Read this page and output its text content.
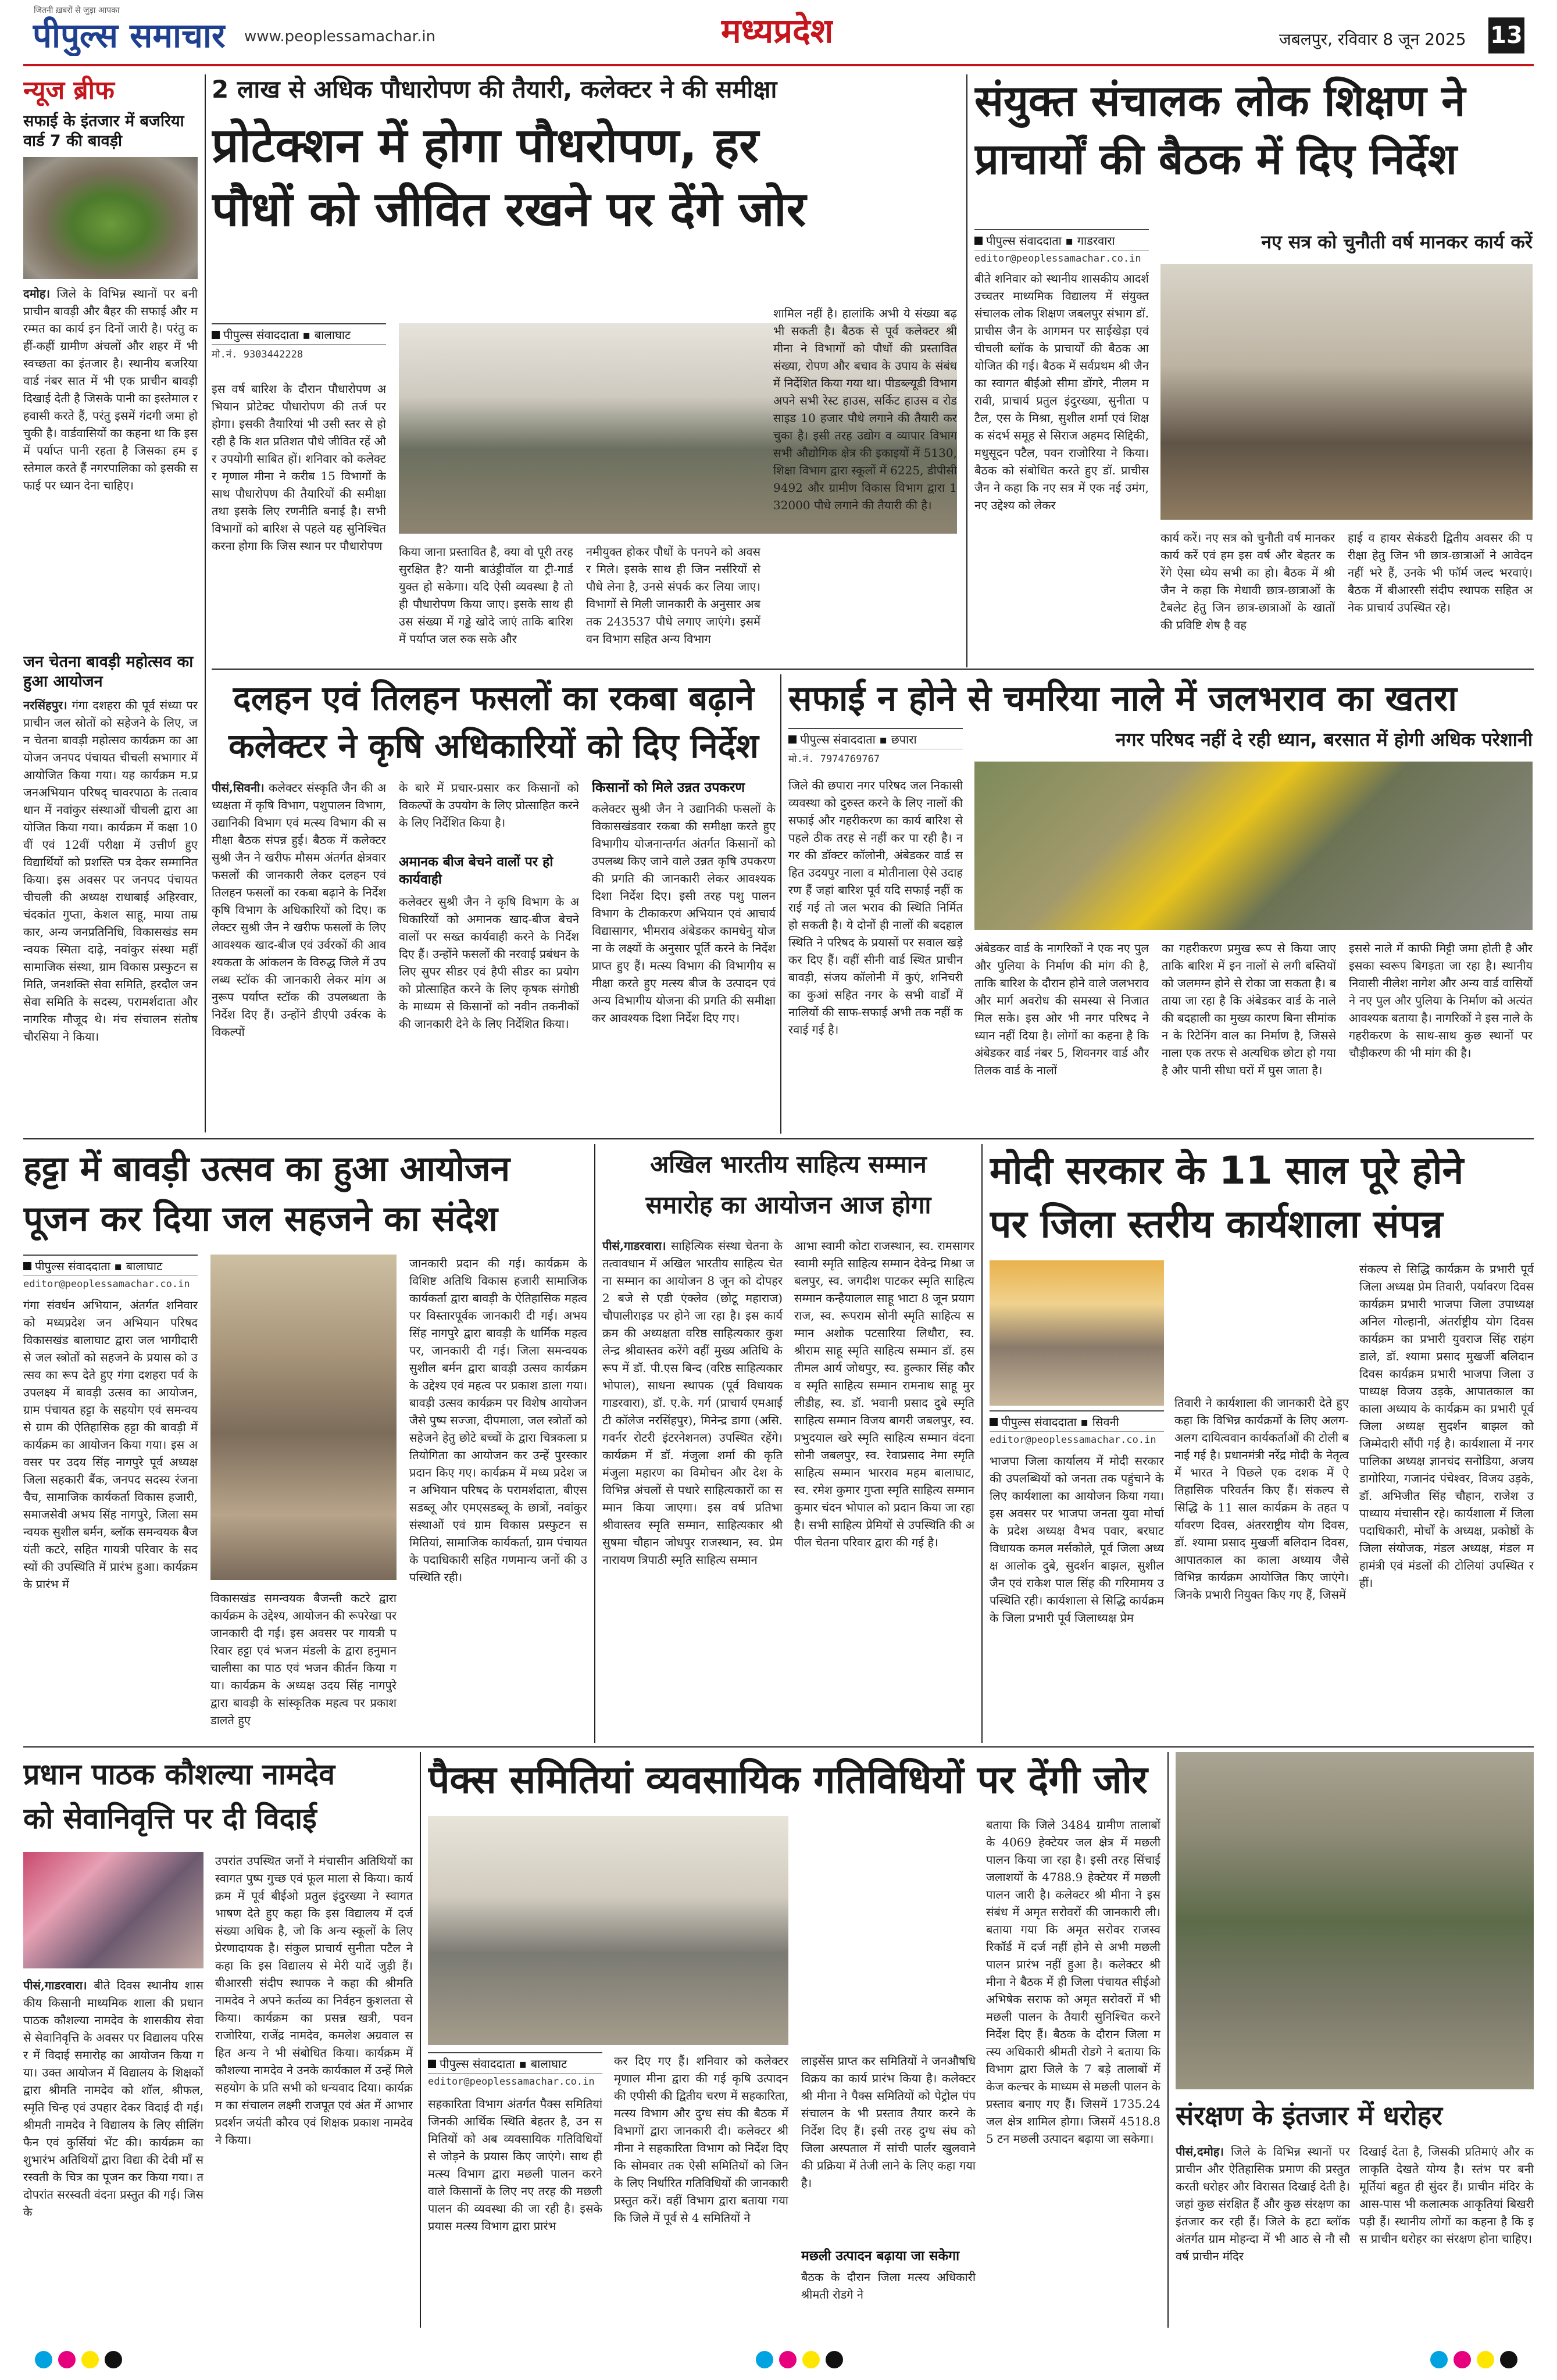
जितनी ख़बरों से जुड़ा आपका
पीपुल्स समाचार www.peoplessamachar.in	मध्यप्रदेश	जबलपुर, रविवार 8 जून 2025 13
न्यूज ब्रीफ
सफाई के इंतजार में बजरिया वार्ड 7 की बावड़ी
दमोह। जिले के विभिन्न स्थानों पर बनी प्राचीन बावड़ी और बैहर की सफाई और मरम्मत का कार्य इन दिनों जारी है। परंतु कहीं-कहीं ग्रामीण अंचलों और शहर में भी स्वच्छता का इंतजार है। स्थानीय बजरिया वार्ड नंबर सात में भी एक प्राचीन बावड़ी दिखाई देती है जिसके पानी का इस्तेमाल रहवासी करते हैं, परंतु इसमें गंदगी जमा हो चुकी है। वार्डवासियों का कहना था कि इसमें पर्याप्त पानी रहता है जिसका हम इस्तेमाल करते हैं नगरपालिका को इसकी सफाई पर ध्यान देना चाहिए।
जन चेतना बावड़ी महोत्सव का हुआ आयोजन
नरसिंहपुर। गंगा दशहरा की पूर्व संध्या पर प्राचीन जल स्रोतों को सहेजने के लिए, जन चेतना बावड़ी महोत्सव कार्यक्रम का आयोजन जनपद पंचायत चीचली सभागार में आयोजित किया गया। यह कार्यक्रम म.प्र जनअभियान परिषद् चावरपाठा के तत्वावधान में नवांकुर संस्थाओं चीचली द्वारा आयोजित किया गया। कार्यक्रम में कक्षा 10वीं एवं 12वीं परीक्षा में उत्तीर्ण हुए विद्यार्थियों को प्रशस्ति पत्र देकर सम्मानित किया। इस अवसर पर जनपद पंचायत चीचली की अध्यक्ष राधाबाई अहिरवार, चंदकांत गुप्ता, केशल साहू, माया ताम्रकार, अन्य जनप्रतिनिधि, विकासखंड समन्वयक स्मिता दाढ़े, नवांकुर संस्था महीं सामाजिक संस्था, ग्राम विकास प्रस्फुटन समिति, जनशक्ति सेवा समिति, हरदौल जन सेवा समिति के सदस्य, परामर्शदाता और नागरिक मौजूद थे। मंच संचालन संतोष चौरसिया ने किया।
2 लाख से अधिक पौधारोपण की तैयारी, कलेक्टर ने की समीक्षा
प्रोटेक्शन में होगा पौधरोपण, हर
पौधों को जीवित रखने पर देंगे जोर
पीपुल्स संवाददाता ▪ बालाघाट
मो.नं. 9303442228
इस वर्ष बारिश के दौरान पौधारोपण अभियान प्रोटेक्ट पौधारोपण की तर्ज पर होगा। इसकी तैयारियां भी उसी स्तर से हो रही है कि शत प्रतिशत पौधे जीवित रहें और उपयोगी साबित हों। शनिवार को कलेक्टर मृणाल मीना ने करीब 15 विभागों के साथ पौधारोपण की तैयारियों की समीक्षा तथा इसके लिए रणनीति बनाई है। सभी विभागों को बारिश से पहले यह सुनिश्चित करना होगा कि जिस स्थान पर पौधारोपण	किया जाना प्रस्तावित है, क्या वो पूरी तरह सुरक्षित है? यानी बाउंड्रीवॉल या ट्री-गार्ड युक्त हो सकेगा। यदि ऐसी व्यवस्था है तो ही पौधारोपण किया जाए। इसके साथ ही उस संख्या में गड्ढे खोदे जाएं ताकि बारिश में पर्याप्त जल रुक सके और
नमीयुक्त होकर पौधों के पनपने को अवसर मिले। इसके साथ ही जिन नर्सरियों से पौधे लेना है, उनसे संपर्क कर लिया जाए। विभागों से मिली जानकारी के अनुसार अब तक 243537 पौधे लगाए जाएंगे। इसमें वन विभाग सहित अन्य विभाग
शामिल नहीं है। हालांकि अभी ये संख्या बढ़ भी सकती है। बैठक से पूर्व कलेक्टर श्री मीना ने विभागों को पौधों की प्रस्तावित संख्या, रोपण और बचाव के उपाय के संबंध में निर्देशित किया गया था। पीडब्ल्यूडी विभाग अपने सभी रेस्ट हाउस, सर्किट हाउस व रोड साइड 10 हजार पौधे लगाने की तैयारी कर चुका है। इसी तरह उद्योग व व्यापार विभाग सभी औद्योगिक क्षेत्र की इकाइयों में 5130, शिक्षा विभाग द्वारा स्कूलों में 6225, डीपीसी 9492 और ग्रामीण विकास विभाग द्वारा 132000 पौधे लगाने की तैयारी की है।
संयुक्त संचालक लोक शिक्षण ने
प्राचार्यों की बैठक में दिए निर्देश
पीपुल्स संवाददाता ▪ गाडरवारा
editor@peoplessamachar.co.in
नए सत्र को चुनौती वर्ष मानकर कार्य करें
बीते शनिवार को स्थानीय शासकीय आदर्श उच्चतर माध्यमिक विद्यालय में संयुक्त संचालक लोक शिक्षण जबलपुर संभाग डॉ. प्राचीस जैन के आगमन पर साईखेड़ा एवं चीचली ब्लॉक के प्राचार्यों की बैठक आयोजित की गई। बैठक में सर्वप्रथम श्री जैन का स्वागत बीईओ सीमा डोंगरे, नीलम मरावी, प्राचार्य प्रतुल इंदुरख्या, सुनीता पटैल, एस के मिश्रा, सुशील शर्मा एवं शिक्षक संदर्भ समूह से सिराज अहमद सिद्दिकी, मधुसूदन पटैल, पवन राजोरिया ने किया। बैठक को संबोधित करते हुए डॉ. प्राचीस जैन ने कहा कि नए सत्र में एक नई उमंग, नए उद्देश्य को लेकर
कार्य करें। नए सत्र को चुनौती वर्ष मानकर कार्य करें एवं हम इस वर्ष और बेहतर करेंगे ऐसा ध्येय सभी का हो। बैठक में श्री जैन ने कहा कि मेधावी छात्र-छात्राओं के टैबलेट हेतु जिन छात्र-छात्राओं के खातों की प्रविष्टि शेष है वह
हाई व हायर सेकंडरी द्वितीय अवसर की परीक्षा हेतु जिन भी छात्र-छात्राओं ने आवेदन नहीं भरे हैं, उनके भी फॉर्म जल्द भरवाएं। बैठक में बीआरसी संदीप स्थापक सहित अनेक प्राचार्य उपस्थित रहे।
दलहन एवं तिलहन फसलों का रकबा बढ़ाने
कलेक्टर ने कृषि अधिकारियों को दिए निर्देश
पीसं,सिवनी। कलेक्टर संस्कृति जैन की अध्यक्षता में कृषि विभाग, पशुपालन विभाग, उद्यानिकी विभाग एवं मत्स्य विभाग की समीक्षा बैठक संपन्न हुई। बैठक में कलेक्टर सुश्री जैन ने खरीफ मौसम अंतर्गत क्षेत्रवार फसलों की जानकारी लेकर दलहन एवं तिलहन फसलों का रकबा बढ़ाने के निर्देश कृषि विभाग के अधिकारियों को दिए। कलेक्टर सुश्री जैन ने खरीफ फसलों के लिए आवश्यक खाद-बीज एवं उर्वरकों की आवश्यकता के आंकलन के विरुद्ध जिले में उपलब्ध स्टॉक की जानकारी लेकर मांग अनुरूप पर्याप्त स्टॉक की उपलब्धता के निर्देश दिए हैं। उन्होंने डीएपी उर्वरक के विकल्पों
के बारे में प्रचार-प्रसार कर किसानों को विकल्पों के उपयोग के लिए प्रोत्साहित करने के लिए निर्देशित किया है।
अमानक बीज बेचने वालों पर हो कार्यवाही
कलेक्टर सुश्री जैन ने कृषि विभाग के अधिकारियों को अमानक खाद-बीज बेचने वालों पर सख्त कार्यवाही करने के निर्देश दिए हैं। उन्होंने फसलों की नरवाई प्रबंधन के लिए सुपर सीडर एवं हैपी सीडर का प्रयोग को प्रोत्साहित करने के लिए कृषक संगोष्ठी के माध्यम से किसानों को नवीन तकनीकों की जानकारी देने के लिए निर्देशित किया।
किसानों को मिले उन्नत उपकरण
कलेक्टर सुश्री जैन ने उद्यानिकी फसलों के विकासखंडवार रकबा की समीक्षा करते हुए विभागीय योजनान्तर्गत अंतर्गत किसानों को उपलब्ध किए जाने वाले उन्नत कृषि उपकरण की प्रगति की जानकारी लेकर आवश्यक दिशा निर्देश दिए। इसी तरह पशु पालन विभाग के टीकाकरण अभियान एवं आचार्य विद्यासागर, भीमराव अंबेडकर कामधेनु योजना के लक्ष्यों के अनुसार पूर्ति करने के निर्देश प्राप्त हुए हैं। मत्स्य विभाग की विभागीय समीक्षा करते हुए मत्स्य बीज के उत्पादन एवं अन्य विभागीय योजना की प्रगति की समीक्षा कर आवश्यक दिशा निर्देश दिए गए।
सफाई न होने से चमरिया नाले में जलभराव का खतरा
पीपुल्स संवाददाता ▪ छपारा
मो.नं. 7974769767
नगर परिषद नहीं दे रही ध्यान, बरसात में होगी अधिक परेशानी
जिले की छपारा नगर परिषद जल निकासी व्यवस्था को दुरुस्त करने के लिए नालों की सफाई और गहरीकरण का कार्य बारिश से पहले ठीक तरह से नहीं कर पा रही है। नगर की डॉक्टर कॉलोनी, अंबेडकर वार्ड सहित उदयपुर नाला व मोतीनाला ऐसे उदाहरण हैं जहां बारिश पूर्व यदि सफाई नहीं कराई गई तो जल भराव की स्थिति निर्मित हो सकती है। ये दोनों ही नालों की बदहाल स्थिति ने परिषद के प्रयासों पर सवाल खड़े कर दिए हैं। वहीं सीनी वार्ड स्थित प्राचीन बावड़ी, संजय कॉलोनी में कुएं, शनिचरी का कुआं सहित नगर के सभी वार्डों में नालियों की साफ-सफाई अभी तक नहीं करवाई गई है।
अंबेडकर वार्ड के नागरिकों ने एक नए पुल और पुलिया के निर्माण की मांग की है, ताकि बारिश के दौरान होने वाले जलभराव और मार्ग अवरोध की समस्या से निजात मिल सके। इस ओर भी नगर परिषद ने ध्यान नहीं दिया है। लोगों का कहना है कि अंबेडकर वार्ड नंबर 5, शिवनगर वार्ड और तिलक वार्ड के नालों
का गहरीकरण प्रमुख रूप से किया जाए ताकि बारिश में इन नालों से लगी बस्तियों को जलमग्न होने से रोका जा सकता है। बताया जा रहा है कि अंबेडकर वार्ड के नाले की बदहाली का मुख्य कारण बिना सीमांकन के रिटेनिंग वाल का निर्माण है, जिससे नाला एक तरफ से अत्यधिक छोटा हो गया है और पानी सीधा घरों में घुस जाता है।
इससे नाले में काफी मिट्टी जमा होती है और इसका स्वरूप बिगड़ता जा रहा है। स्थानीय निवासी नीलेश नागेश और अन्य वार्ड वासियों ने नए पुल और पुलिया के निर्माण को अत्यंत आवश्यक बताया है। नागरिकों ने इस नाले के गहरीकरण के साथ-साथ कुछ स्थानों पर चौड़ीकरण की भी मांग की है।
हट्टा में बावड़ी उत्सव का हुआ आयोजन
पूजन कर दिया जल सहजने का संदेश
पीपुल्स संवाददाता ▪ बालाघाट
editor@peoplessamachar.co.in
गंगा संवर्धन अभियान, अंतर्गत शनिवार को मध्यप्रदेश जन अभियान परिषद विकासखंड बालाघाट द्वारा जल भागीदारी से जल स्त्रोतों को सहजने के प्रयास को उत्सव का रूप देते हुए गंगा दशहरा पर्व के उपलक्ष्य में बावड़ी उत्सव का आयोजन, ग्राम पंचायत हट्टा के सहयोग एवं समन्वय से ग्राम की ऐतिहासिक हट्टा की बावड़ी में कार्यक्रम का आयोजन किया गया। इस अवसर पर उदय सिंह नागपुरे पूर्व अध्यक्ष जिला सहकारी बैंक, जनपद सदस्य रंजना चैच, सामाजिक कार्यकर्ता विकास हजारी, समाजसेवी अभय सिंह नागपुरे, जिला समन्वयक सुशील बर्मन, ब्लॉक समन्वयक बैजयंती कटरे, सहित गायत्री परिवार के सदस्यों की उपस्थिति में प्रारंभ हुआ। कार्यक्रम के प्रारंभ में
विकासखंड समन्वयक बैजन्ती कटरे द्वारा कार्यक्रम के उद्देश्य, आयोजन की रूपरेखा पर जानकारी दी गई। इस अवसर पर गायत्री परिवार हट्टा एवं भजन मंडली के द्वारा हनुमान चालीसा का पाठ एवं भजन कीर्तन किया गया। कार्यक्रम के अध्यक्ष उदय सिंह नागपुरे द्वारा बावड़ी के सांस्कृतिक महत्व पर प्रकाश डालते हुए
जानकारी प्रदान की गई। कार्यक्रम के विशिष्ट अतिथि विकास हजारी सामाजिक कार्यकर्ता द्वारा बावड़ी के ऐतिहासिक महत्व पर विस्तारपूर्वक जानकारी दी गई। अभय सिंह नागपुरे द्वारा बावड़ी के धार्मिक महत्व पर, जानकारी दी गई। जिला समन्वयक सुशील बर्मन द्वारा बावड़ी उत्सव कार्यक्रम के उद्देश्य एवं महत्व पर प्रकाश डाला गया। बावड़ी उत्सव कार्यक्रम पर विशेष आयोजन जैसे पुष्प सज्जा, दीपमाला, जल स्त्रोतों को सहेजने हेतु छोटे बच्चों के द्वारा चित्रकला प्रतियोगिता का आयोजन कर उन्हें पुरस्कार प्रदान किए गए। कार्यक्रम में मध्य प्रदेश जन अभियान परिषद के परामर्शदाता, बीएससडब्लू और एमएसडब्लू के छात्रों, नवांकुर संस्थाओं एवं ग्राम विकास प्रस्फुटन समितियां, सामाजिक कार्यकर्ता, ग्राम पंचायत के पदाधिकारी सहित गणमान्य जनों की उपस्थिति रही।
अखिल भारतीय साहित्य सम्मान
समारोह का आयोजन आज होगा
पीसं,गाडरवारा। साहित्यिक संस्था चेतना के तत्वावधान में अखिल भारतीय साहित्य चेतना सम्मान का आयोजन 8 जून को दोपहर 2 बजे से एडी एंक्लेव (छोटू महाराज) चौपालीराइड पर होने जा रहा है। इस कार्यक्रम की अध्यक्षता वरिष्ठ साहित्यकार कुशलेन्द्र श्रीवास्तव करेंगे वहीं मुख्य अतिथि के रूप में डॉ. पी.एस बिन्द (वरिष्ठ साहित्यकार भोपाल), साधना स्थापक (पूर्व विधायक गाडरवारा), डॉ. ए.के. गर्ग (प्राचार्य एमआईटी कॉलेज नरसिंहपुर), मिनेन्द्र डागा (असि. गवर्नर रोटरी इंटरनेशनल) उपस्थित रहेंगे। कार्यक्रम में डॉ. मंजुला शर्मा की कृति मंजुला महारण का विमोचन और देश के विभिन्न अंचलों से पधारे साहित्यकारों का सम्मान किया जाएगा। इस वर्ष प्रतिभा श्रीवास्तव स्मृति सम्मान, साहित्यकार श्री सुषमा चौहान जोधपुर राजस्थान, स्व. प्रेमनारायण त्रिपाठी स्मृति साहित्य सम्मान
आभा स्वामी कोटा राजस्थान, स्व. रामसागर स्वामी स्मृति साहित्य सम्मान देवेन्द्र मिश्रा जबलपुर, स्व. जगदीश पाटकर स्मृति साहित्य सम्मान कन्हैयालाल साहू भाटा 8 जून प्रयागराज, स्व. रूपराम सोनी स्मृति साहित्य सम्मान अशोक पटसारिया लिधौरा, स्व. श्रीराम साहू स्मृति साहित्य सम्मान डॉ. हसतीमल आर्य जोधपुर, स्व. हुल्कार सिंह कौरव स्मृति साहित्य सम्मान रामनाथ साहू मुरलीडीह, स्व. डॉ. भवानी प्रसाद दुबे स्मृति साहित्य सम्मान विजय बागरी जबलपुर, स्व. प्रभुदयाल खरे स्मृति साहित्य सम्मान वंदना सोनी जबलपुर, स्व. रेवाप्रसाद नेमा स्मृति साहित्य सम्मान भारराव महम बालाघाट, स्व. रमेश कुमार गुप्ता स्मृति साहित्य सम्मान कुमार चंदन भोपाल को प्रदान किया जा रहा है। सभी साहित्य प्रेमियों से उपस्थिति की अपील चेतना परिवार द्वारा की गई है।
मोदी सरकार के 11 साल पूरे होने
पर जिला स्तरीय कार्यशाला संपन्न
पीपुल्स संवाददाता ▪ सिवनी
editor@peoplessamachar.co.in
भाजपा जिला कार्यालय में मोदी सरकार की उपलब्धियों को जनता तक पहुंचाने के लिए कार्यशाला का आयोजन किया गया। इस अवसर पर भाजपा जनता युवा मोर्चा के प्रदेश अध्यक्ष वैभव पवार, बरघाट विधायक कमल मर्सकोले, पूर्व जिला अध्यक्ष आलोक दुबे, सुदर्शन बाझल, सुशील जैन एवं राकेश पाल सिंह की गरिमामय उपस्थिति रही। कार्यशाला से सिद्धि कार्यक्रम के जिला प्रभारी पूर्व जिलाध्यक्ष प्रेम
तिवारी ने कार्यशाला की जानकारी देते हुए कहा कि विभिन्न कार्यक्रमों के लिए अलग-अलग दायित्ववान कार्यकर्ताओं की टोली बनाई गई है। प्रधानमंत्री नरेंद्र मोदी के नेतृत्व में भारत ने पिछले एक दशक में ऐतिहासिक परिवर्तन किए हैं। संकल्प से सिद्धि के 11 साल कार्यक्रम के तहत पर्यावरण दिवस, अंतरराष्ट्रीय योग दिवस, डॉ. श्यामा प्रसाद मुखर्जी बलिदान दिवस, आपातकाल का काला अध्याय जैसे विभिन्न कार्यक्रम आयोजित किए जाएंगे। जिनके प्रभारी नियुक्त किए गए हैं, जिसमें
संकल्प से सिद्धि कार्यक्रम के प्रभारी पूर्व जिला अध्यक्ष प्रेम तिवारी, पर्यावरण दिवस कार्यक्रम प्रभारी भाजपा जिला उपाध्यक्ष अनिल गोल्हानी, अंतर्राष्ट्रीय योग दिवस कार्यक्रम का प्रभारी युवराज सिंह राहंगडाले, डॉ. श्यामा प्रसाद मुखर्जी बलिदान दिवस कार्यक्रम प्रभारी भाजपा जिला उपाध्यक्ष विजय उड़के, आपातकाल का काला अध्याय के कार्यक्रम का प्रभारी पूर्व जिला अध्यक्ष सुदर्शन बाझल को जिम्मेदारी सौंपी गई है। कार्यशाला में नगर पालिका अध्यक्ष ज्ञानचंद सनोडिया, अजय डागोरिया, गजानंद पंचेश्वर, विजय उड़के, डॉ. अभिजीत सिंह चौहान, राजेश उपाध्याय मंचासीन रहे। कार्यशाला में जिला पदाधिकारी, मोर्चों के अध्यक्ष, प्रकोष्ठों के जिला संयोजक, मंडल अध्यक्ष, मंडल महामंत्री एवं मंडलों की टोलियां उपस्थित रहीं।
प्रधान पाठक कौशल्या नामदेव
को सेवानिवृत्ति पर दी विदाई
पीसं,गाडरवारा। बीते दिवस स्थानीय शासकीय किसानी माध्यमिक शाला की प्रधान पाठक कौशल्या नामदेव के शासकीय सेवा से सेवानिवृत्ति के अवसर पर विद्यालय परिसर में विदाई समारोह का आयोजन किया गया। उक्त आयोजन में विद्यालय के शिक्षकों द्वारा श्रीमति नामदेव को शॉल, श्रीफल, स्मृति चिन्ह एवं उपहार देकर विदाई दी गई। श्रीमती नामदेव ने विद्यालय के लिए सीलिंग फैन एवं कुर्सियां भेंट की। कार्यक्रम का शुभारंभ अतिथियों द्वारा विद्या की देवी माँ सरस्वती के चित्र का पूजन कर किया गया। तदोपरांत सरस्वती वंदना प्रस्तुत की गई। जिसके
उपरांत उपस्थित जनों ने मंचासीन अतिथियों का स्वागत पुष्प गुच्छ एवं फूल माला से किया। कार्यक्रम में पूर्व बीईओ प्रतुल इंदुरख्या ने स्वागत भाषण देते हुए कहा कि इस विद्यालय में दर्ज संख्या अधिक है, जो कि अन्य स्कूलों के लिए प्रेरणादायक है। संकुल प्राचार्य सुनीता पटैल ने कहा कि इस विद्यालय से मेरी यादें जुड़ी हैं। बीआरसी संदीप स्थापक ने कहा की श्रीमति नामदेव ने अपने कर्तव्य का निर्वहन कुशलता से किया। कार्यक्रम का प्रसन्न खत्री, पवन राजोरिया, राजेंद्र नामदेव, कमलेश अग्रवाल सहित अन्य ने भी संबोधित किया। कार्यक्रम में कौशल्या नामदेव ने उनके कार्यकाल में उन्हें मिले सहयोग के प्रति सभी को धन्यवाद दिया। कार्यक्रम का संचालन लक्ष्मी राजपूत एवं अंत में आभार प्रदर्शन जयंती कौरव एवं शिक्षक प्रकाश नामदेव ने किया।
पैक्स समितियां व्यवसायिक गतिविधियों पर देंगी जोर
पीपुल्स संवाददाता ▪ बालाघाट
editor@peoplessamachar.co.in
सहकारिता विभाग अंतर्गत पैक्स समितियां जिनकी आर्थिक स्थिति बेहतर है, उन समितियों को अब व्यवसायिक गतिविधियों से जोड़ने के प्रयास किए जाएंगे। साथ ही मत्स्य विभाग द्वारा मछली पालन करने वाले किसानों के लिए नए तरह की मछली पालन की व्यवस्था की जा रही है। इसके प्रयास मत्स्य विभाग द्वारा प्रारंभ
कर दिए गए हैं। शनिवार को कलेक्टर मृणाल मीना द्वारा की गई कृषि उत्पादन की एपीसी की द्वितीय चरण में सहकारिता, मत्स्य विभाग और दुग्ध संघ की बैठक में विभागों द्वारा जानकारी दी। कलेक्टर श्री मीना ने सहकारिता विभाग को निर्देश दिए कि सोमवार तक ऐसी समितियों को जिनके लिए निर्धारित गतिविधियों की जानकारी प्रस्तुत करें। वहीं विभाग द्वारा बताया गया कि जिले में पूर्व से 4 समितियों ने
लाइसेंस प्राप्त कर समितियों ने जनऔषधि विक्रय का कार्य प्रारंभ किया है। कलेक्टर श्री मीना ने पैक्स समितियों को पेट्रोल पंप संचालन के भी प्रस्ताव तैयार करने के निर्देश दिए हैं। इसी तरह दुग्ध संघ को जिला अस्पताल में सांची पार्लर खुलवाने की प्रक्रिया में तेजी लाने के लिए कहा गया है।
मछली उत्पादन बढ़ाया जा सकेगा
बैठक के दौरान जिला मत्स्य अधिकारी श्रीमती रोडगे ने
बताया कि जिले 3484 ग्रामीण तालाबों के 4069 हेक्टेयर जल क्षेत्र में मछली पालन किया जा रहा है। इसी तरह सिंचाई जलाशयों के 4788.9 हेक्टेयर में मछली पालन जारी है। कलेक्टर श्री मीना ने इस संबंध में अमृत सरोवरों की जानकारी ली। बताया गया कि अमृत सरोवर राजस्व रिकॉर्ड में दर्ज नहीं होने से अभी मछली पालन प्रारंभ नहीं हुआ है। कलेक्टर श्री मीना ने बैठक में ही जिला पंचायत सीईओ अभिषेक सराफ को अमृत सरोवरों में भी मछली पालन के तैयारी सुनिश्चित करने निर्देश दिए हैं। बैठक के दौरान जिला मत्स्य अधिकारी श्रीमती रोडगे ने बताया कि विभाग द्वारा जिले के 7 बड़े तालाबों में केज कल्चर के माध्यम से मछली पालन के प्रस्ताव बनाए गए हैं। जिसमें 1735.24 जल क्षेत्र शामिल होगा। जिसमें 4518.85 टन मछली उत्पादन बढ़ाया जा सकेगा।
संरक्षण के इंतजार में धरोहर
पीसं,दमोह। जिले के विभिन्न स्थानों पर प्राचीन और ऐतिहासिक प्रमाण की प्रस्तुत करती धरोहर और विरासत दिखाई देती है। जहां कुछ संरक्षित हैं और कुछ संरक्षण का इंतजार कर रही हैं। जिले के हटा ब्लॉक अंतर्गत ग्राम मोहन्दा में भी आठ से नौ सौ वर्ष प्राचीन मंदिर
दिखाई देता है, जिसकी प्रतिमाएं और कलाकृति देखते योग्य है। स्तंभ पर बनी मूर्तियां बहुत ही सुंदर हैं। प्राचीन मंदिर के आस-पास भी कलात्मक आकृतियां बिखरी पड़ी हैं। स्थानीय लोगों का कहना है कि इस प्राचीन धरोहर का संरक्षण होना चाहिए।
